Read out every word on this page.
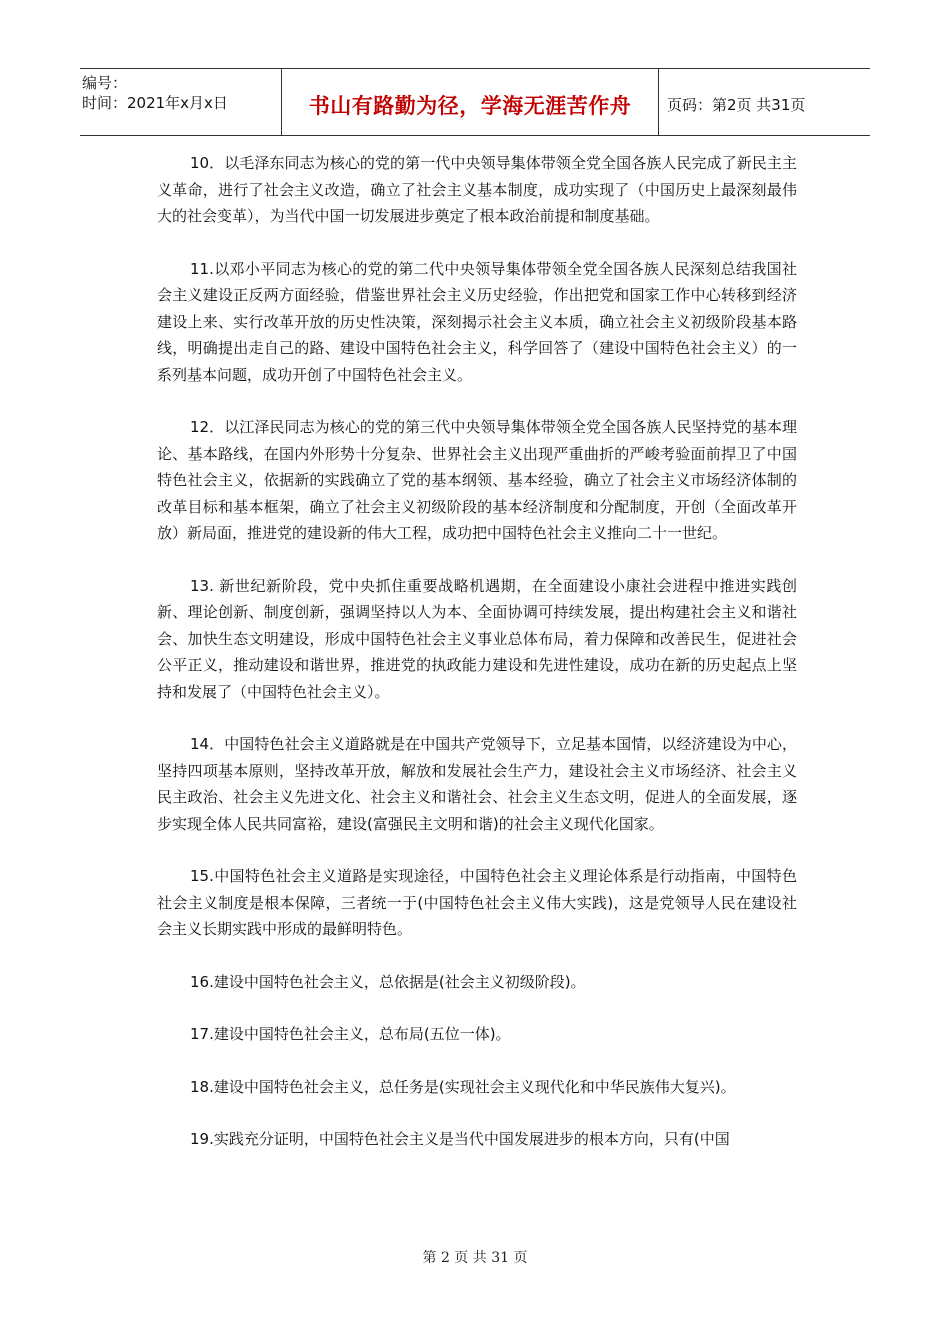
编号：
时间：2021年x月x日	书山有路勤为径，学海无涯苦作舟	页码：第2页 共31页

10．以毛泽东同志为核心的党的第一代中央领导集体带领全党全国各族人民完成了新民主主义革命，进行了社会主义改造，确立了社会主义基本制度，成功实现了（中国历史上最深刻最伟大的社会变革），为当代中国一切发展进步奠定了根本政治前提和制度基础。

11.以邓小平同志为核心的党的第二代中央领导集体带领全党全国各族人民深刻总结我国社会主义建设正反两方面经验，借鉴世界社会主义历史经验，作出把党和国家工作中心转移到经济建设上来、实行改革开放的历史性决策，深刻揭示社会主义本质，确立社会主义初级阶段基本路线，明确提出走自己的路、建设中国特色社会主义，科学回答了（建设中国特色社会主义）的一系列基本问题，成功开创了中国特色社会主义。

12．以江泽民同志为核心的党的第三代中央领导集体带领全党全国各族人民坚持党的基本理论、基本路线，在国内外形势十分复杂、世界社会主义出现严重曲折的严峻考验面前捍卫了中国特色社会主义，依据新的实践确立了党的基本纲领、基本经验，确立了社会主义市场经济体制的改革目标和基本框架，确立了社会主义初级阶段的基本经济制度和分配制度，开创（全面改革开放）新局面，推进党的建设新的伟大工程，成功把中国特色社会主义推向二十一世纪。

13. 新世纪新阶段，党中央抓住重要战略机遇期，在全面建设小康社会进程中推进实践创新、理论创新、制度创新，强调坚持以人为本、全面协调可持续发展，提出构建社会主义和谐社会、加快生态文明建设，形成中国特色社会主义事业总体布局，着力保障和改善民生，促进社会公平正义，推动建设和谐世界，推进党的执政能力建设和先进性建设，成功在新的历史起点上坚持和发展了（中国特色社会主义）。

14．中国特色社会主义道路就是在中国共产党领导下，立足基本国情，以经济建设为中心，坚持四项基本原则，坚持改革开放，解放和发展社会生产力，建设社会主义市场经济、社会主义民主政治、社会主义先进文化、社会主义和谐社会、社会主义生态文明，促进人的全面发展，逐步实现全体人民共同富裕，建设(富强民主文明和谐)的社会主义现代化国家。

15.中国特色社会主义道路是实现途径，中国特色社会主义理论体系是行动指南，中国特色社会主义制度是根本保障，三者统一于(中国特色社会主义伟大实践)，这是党领导人民在建设社会主义长期实践中形成的最鲜明特色。

16.建设中国特色社会主义，总依据是(社会主义初级阶段)。

17.建设中国特色社会主义，总布局(五位一体)。

18.建设中国特色社会主义，总任务是(实现社会主义现代化和中华民族伟大复兴)。

19.实践充分证明，中国特色社会主义是当代中国发展进步的根本方向，只有(中国

第 2 页 共 31 页
